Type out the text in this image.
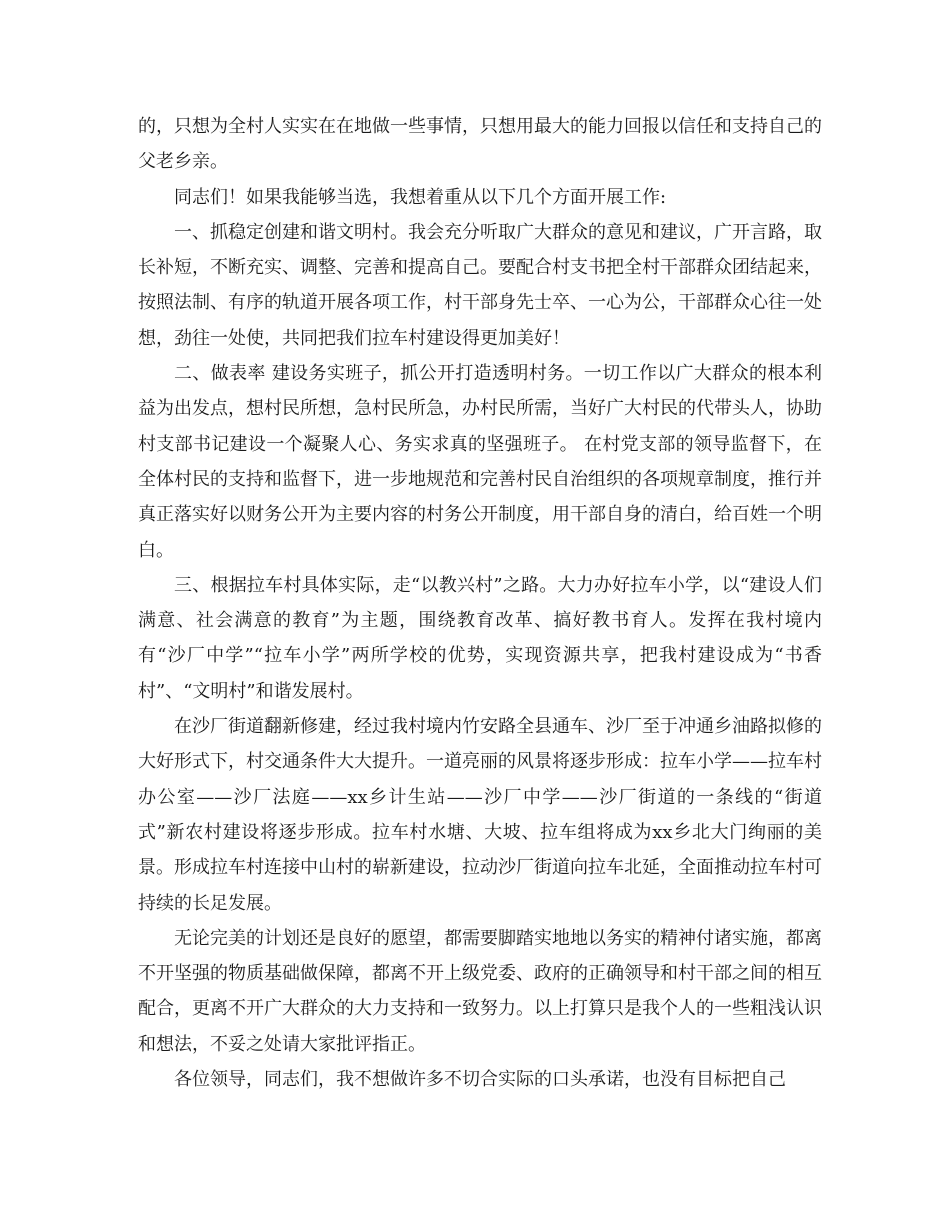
的，只想为全村人实实在在地做一些事情，只想用最大的能力回报以信任和支持自己的父老乡亲。

同志们！如果我能够当选，我想着重从以下几个方面开展工作:

一、抓稳定创建和谐文明村。我会充分听取广大群众的意见和建议，广开言路，取长补短，不断充实、调整、完善和提高自己。要配合村支书把全村干部群众团结起来，按照法制、有序的轨道开展各项工作，村干部身先士卒、一心为公，干部群众心往一处想，劲往一处使，共同把我们拉车村建设得更加美好！

二、做表率 建设务实班子，抓公开打造透明村务。一切工作以广大群众的根本利益为出发点，想村民所想，急村民所急，办村民所需，当好广大村民的代带头人，协助村支部书记建设一个凝聚人心、务实求真的坚强班子。 在村党支部的领导监督下，在全体村民的支持和监督下，进一步地规范和完善村民自治组织的各项规章制度，推行并真正落实好以财务公开为主要内容的村务公开制度，用干部自身的清白，给百姓一个明白。

三、根据拉车村具体实际，走“以教兴村”之路。大力办好拉车小学，以“建设人们满意、社会满意的教育”为主题，围绕教育改革、搞好教书育人。发挥在我村境内有“沙厂中学”“拉车小学”两所学校的优势，实现资源共享，把我村建设成为“书香村”、“文明村”和谐发展村。

在沙厂街道翻新修建，经过我村境内竹安路全县通车、沙厂至于冲通乡油路拟修的大好形式下，村交通条件大大提升。一道亮丽的风景将逐步形成：拉车小学——拉车村办公室——沙厂法庭——xx乡计生站——沙厂中学——沙厂街道的一条线的“街道式”新农村建设将逐步形成。拉车村水塘、大坡、拉车组将成为xx乡北大门绚丽的美景。形成拉车村连接中山村的崭新建设，拉动沙厂街道向拉车北延，全面推动拉车村可持续的长足发展。

无论完美的计划还是良好的愿望，都需要脚踏实地地以务实的精神付诸实施，都离不开坚强的物质基础做保障，都离不开上级党委、政府的正确领导和村干部之间的相互配合，更离不开广大群众的大力支持和一致努力。以上打算只是我个人的一些粗浅认识和想法，不妥之处请大家批评指正。

各位领导，同志们，我不想做许多不切合实际的口头承诺，也没有目标把自己
